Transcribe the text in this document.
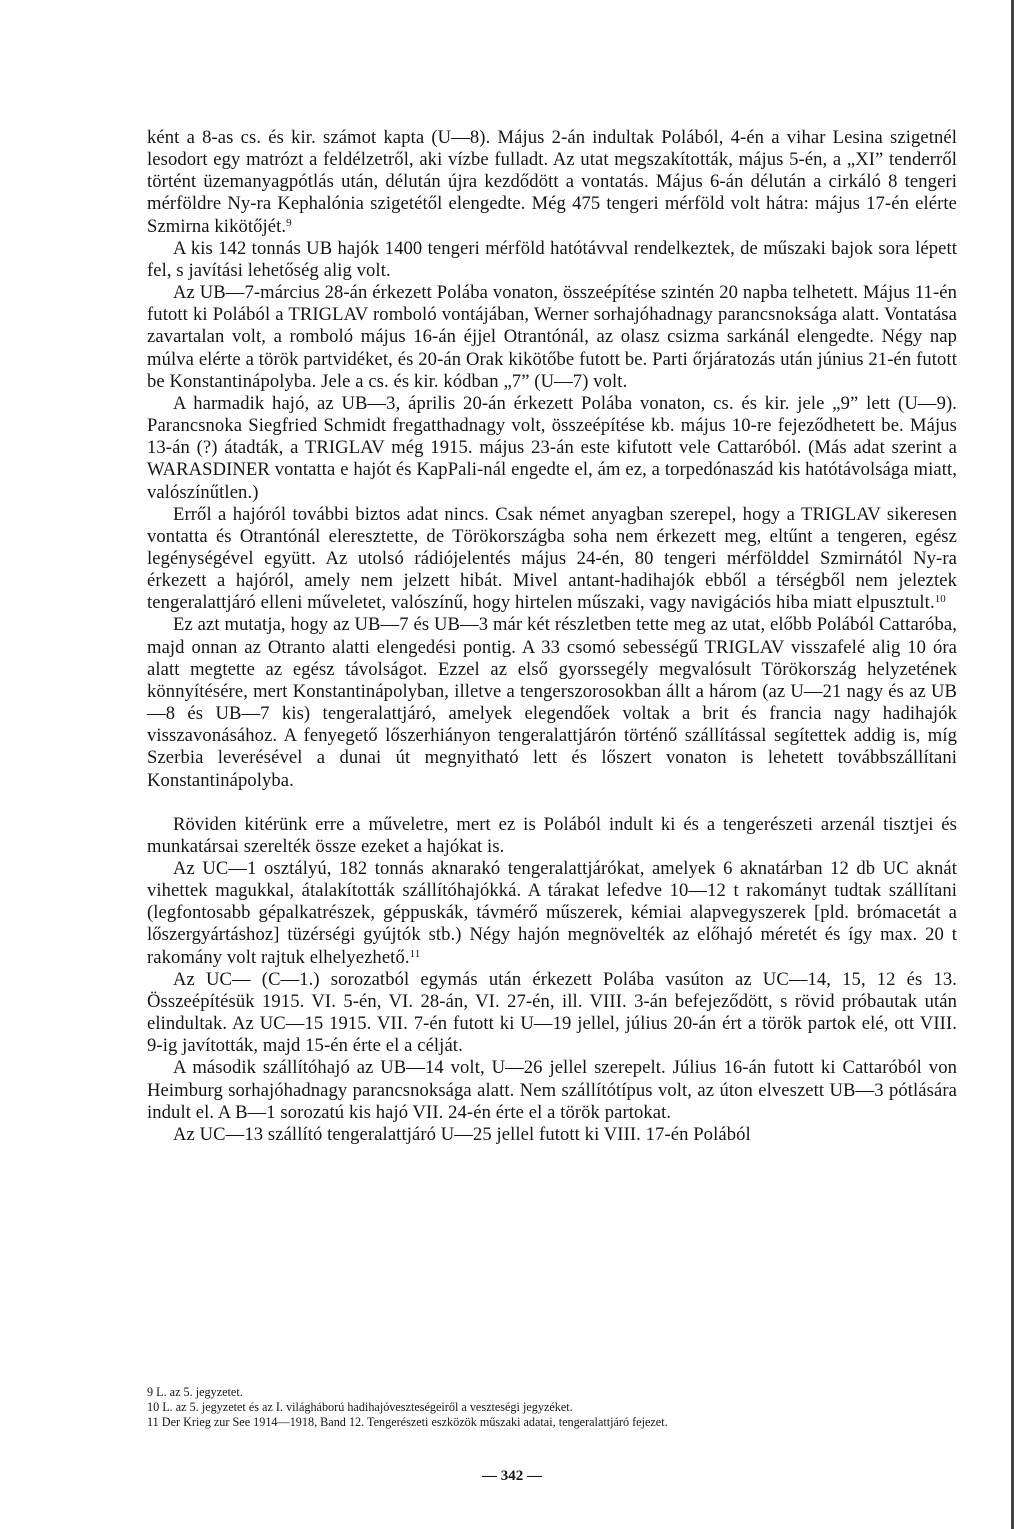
ként a 8-as cs. és kir. számot kapta (U—8). Május 2-án indultak Polából, 4-én a vihar Lesina szigetnél lesodort egy matrózt a feldélzetről, aki vízbe fulladt. Az utat megszakították, május 5-én, a „XI” tenderről történt üzemanyagpótlás után, délután újra kezdődött a vontatás. Május 6-án délután a cirkáló 8 tengeri mérföldre Ny-ra Kephalónia szigetétől elengedte. Még 475 tengeri mérföld volt hátra: május 17-én elérte Szmirna kikötőjét.$^9$

A kis 142 tonnás UB hajók 1400 tengeri mérföld hatótávval rendelkeztek, de műszaki bajok sora lépett fel, s javítási lehetőség alig volt.

Az UB—7-március 28-án érkezett Polába vonaton, összeépítése szintén 20 napba telhetett. Május 11-én futott ki Polából a TRIGLAV romboló vontájában, Werner sorhajóhadnagy parancsnoksága alatt. Vontatása zavartalan volt, a romboló május 16-án éjjel Otrantónál, az olasz csizma sarkánál elengedte. Négy nap múlva elérte a török partvidéket, és 20-án Orak kikötőbe futott be. Parti őrjáratozás után június 21-én futott be Konstantinápolyba. Jele a cs. és kir. kódban „7” (U—7) volt.

A harmadik hajó, az UB—3, április 20-án érkezett Polába vonaton, cs. és kir. jele „9” lett (U—9). Parancsnoka Siegfried Schmidt fregatthadnagy volt, összeépítése kb. május 10-re fejeződhetett be. Május 13-án (?) átadták, a TRIGLAV még 1915. május 23-án este kifutott vele Cattaróból. (Más adat szerint a WARASDINER vontatta e hajót és KapPali-nál engedte el, ám ez, a torpedónaszád kis hatótávolsága miatt, valószínűtlen.)

Erről a hajóról további biztos adat nincs. Csak német anyagban szerepel, hogy a TRIGLAV sikeresen vontatta és Otrantónál eleresztette, de Törökországba soha nem érkezett meg, eltűnt a tengeren, egész legénységével együtt. Az utolsó rádiójelentés május 24-én, 80 tengeri mérfölddel Szmirnától Ny-ra érkezett a hajóról, amely nem jelzett hibát. Mivel antant-hadihajók ebből a térségből nem jeleztek tengeralattjáró elleni műveletet, valószínű, hogy hirtelen műszaki, vagy navigációs hiba miatt elpusztult.$^{10}$

Ez azt mutatja, hogy az UB—7 és UB—3 már két részletben tette meg az utat, előbb Polából Cattaróba, majd onnan az Otranto alatti elengedési pontig. A 33 csomó sebességű TRIGLAV visszafelé alig 10 óra alatt megtette az egész távolságot. Ezzel az első gyorssegély megvalósult Törökország helyzetének könnyítésére, mert Konstantinápolyban, illetve a tengerszorosokban állt a három (az U—21 nagy és az UB—8 és UB—7 kis) tengeralattjáró, amelyek elegendőek voltak a brit és francia nagy hadihajók visszavonásához. A fenyegető lőszerhiányon tengeralattjárón történő szállítással segítettek addig is, míg Szerbia leverésével a dunai út megnyitható lett és lőszert vonaton is lehetett továbbszállítani Konstantinápolyba.

Röviden kitérünk erre a műveletre, mert ez is Polából indult ki és a tengerészeti arzenál tisztjei és munkatársai szerelték össze ezeket a hajókat is.

Az UC—1 osztályú, 182 tonnás aknarakó tengeralattjárókat, amelyek 6 aknatárban 12 db UC aknát vihettek magukkal, átalakították szállítóhajókká. A tárakat lefedve 10—12 t rakományt tudtak szállítani (legfontosabb gépalkatrészek, géppuskák, távmérő műszerek, kémiai alapvegyszerek [pld. brómacetát a lőszergyártáshoz] tüzérségi gyújtók stb.) Négy hajón megnövelték az előhajó méretét és így max. 20 t rakomány volt rajtuk elhelyezhető.$^{11}$

Az UC— (C—1.) sorozatból egymás után érkezett Polába vasúton az UC—14, 15, 12 és 13. Összeépítésük 1915. VI. 5-én, VI. 28-án, VI. 27-én, ill. VIII. 3-án befejeződött, s rövid próbautak után elindultak. Az UC—15 1915. VII. 7-én futott ki U—19 jellel, július 20-án ért a török partok elé, ott VIII. 9-ig javították, majd 15-én érte el a célját.

A második szállítóhajó az UB—14 volt, U—26 jellel szerepelt. Július 16-án futott ki Cattaróból von Heimburg sorhajóhadnagy parancsnoksága alatt. Nem szállítótípus volt, az úton elveszett UB—3 pótlására indult el. A B—1 sorozatú kis hajó VII. 24-én érte el a török partokat.

Az UC—13 szállító tengeralattjáró U—25 jellel futott ki VIII. 17-én Polából

9 L. az 5. jegyzetet.

10 L. az 5. jegyzetet és az I. világháború hadihajóveszteségeiről a veszteségi jegyzéket.

11 Der Krieg zur See 1914—1918, Band 12. Tengerészeti eszközök műszaki adatai, tengeralattjáró fejezet.

— 342 —
